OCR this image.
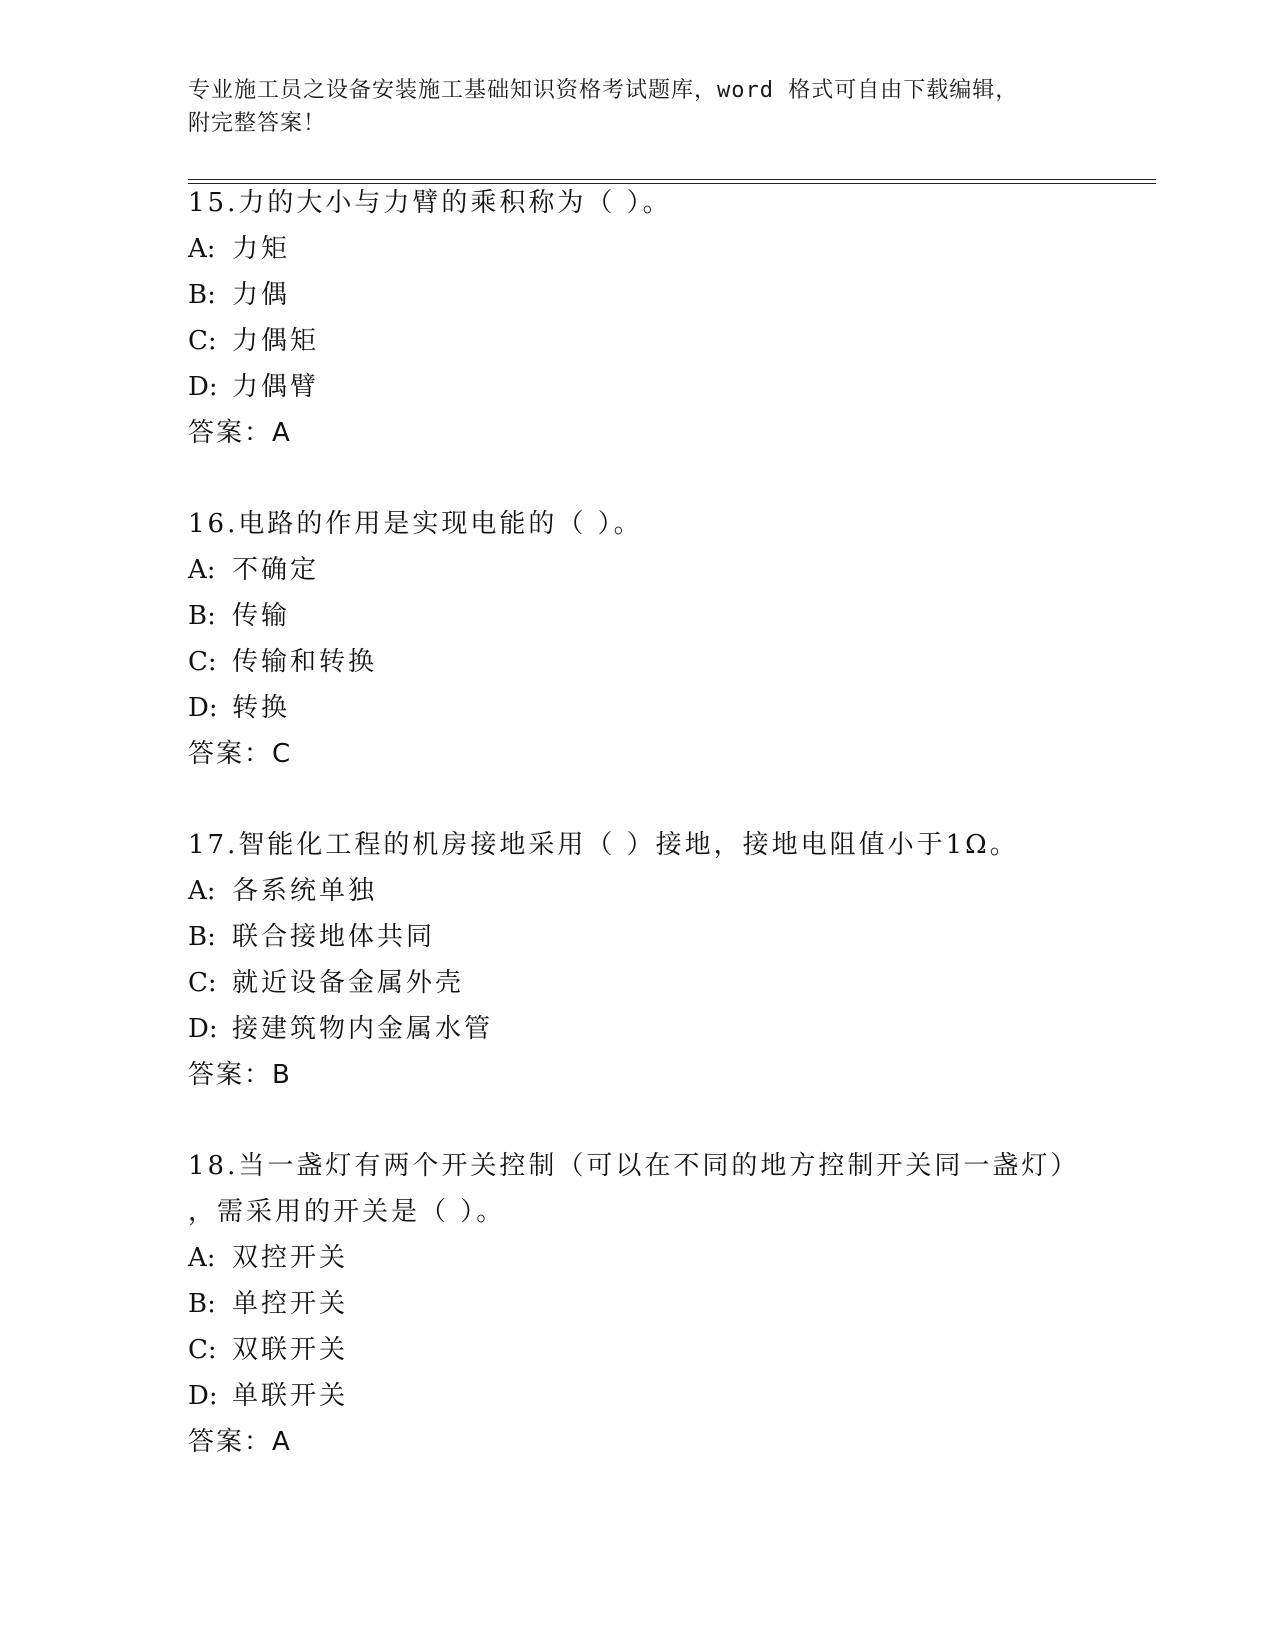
专业施工员之设备安装施工基础知识资格考试题库，word 格式可自由下载编辑，
附完整答案！
15.力的大小与力臂的乘积称为（ ）。
A: 力矩
B: 力偶
C: 力偶矩
D: 力偶臂
答案：A
16.电路的作用是实现电能的（ ）。
A: 不确定
B: 传输
C: 传输和转换
D: 转换
答案：C
17.智能化工程的机房接地采用（ ）接地，接地电阻值小于1Ω。
A: 各系统单独
B: 联合接地体共同
C: 就近设备金属外壳
D: 接建筑物内金属水管
答案：B
18.当一盏灯有两个开关控制（可以在不同的地方控制开关同一盏灯）
，需采用的开关是（ ）。
A: 双控开关
B: 单控开关
C: 双联开关
D: 单联开关
答案：A
